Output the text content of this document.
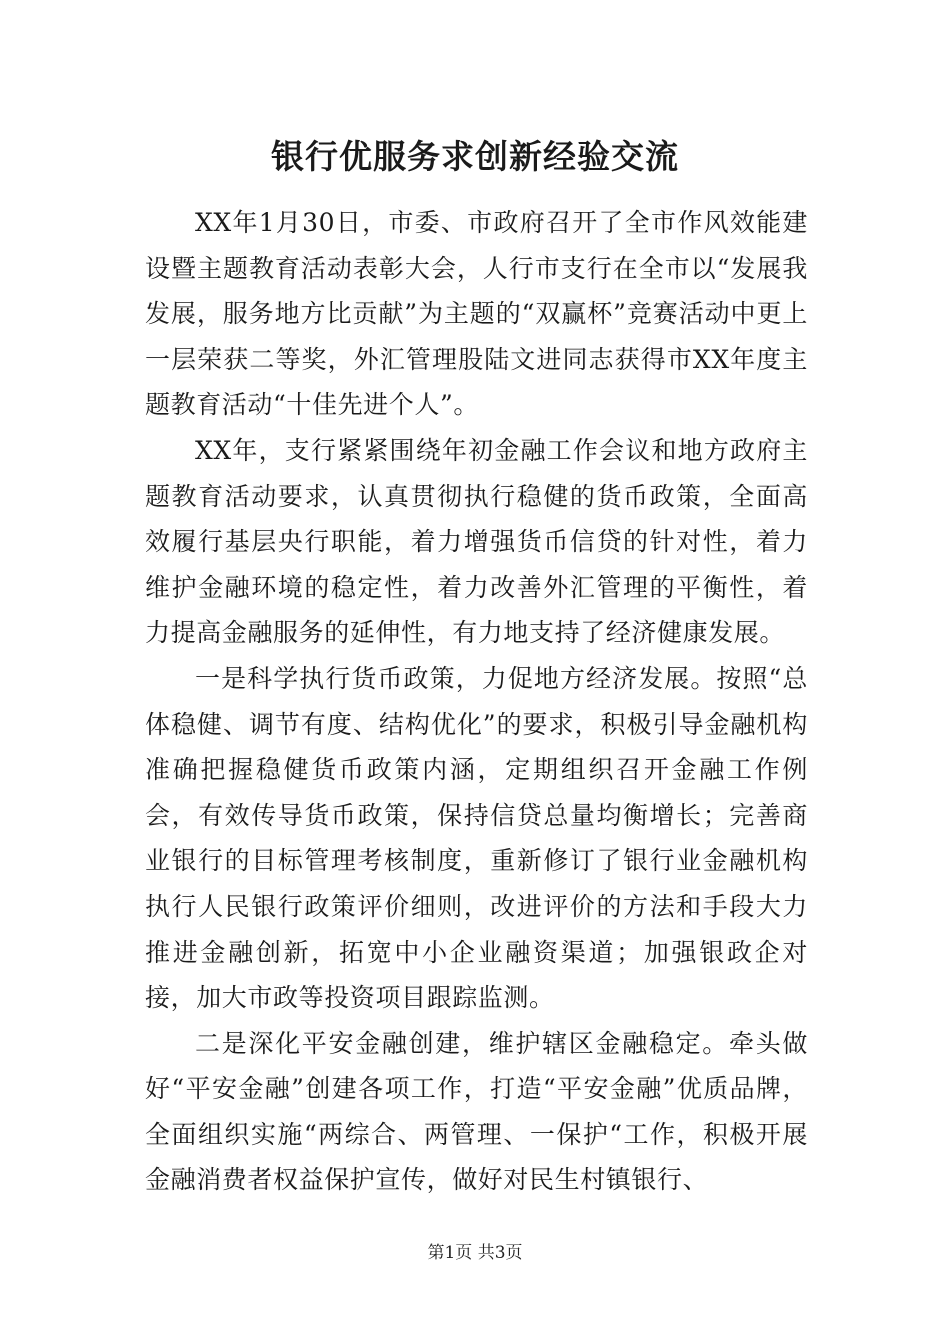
银行优服务求创新经验交流

XX年1月30日，市委、市政府召开了全市作风效能建设暨主题教育活动表彰大会，人行市支行在全市以“发展我发展，服务地方比贡献”为主题的“双赢杯”竞赛活动中更上一层荣获二等奖，外汇管理股陆文进同志获得市XX年度主题教育活动“十佳先进个人”。

XX年，支行紧紧围绕年初金融工作会议和地方政府主题教育活动要求，认真贯彻执行稳健的货币政策，全面高效履行基层央行职能，着力增强货币信贷的针对性，着力维护金融环境的稳定性，着力改善外汇管理的平衡性，着力提高金融服务的延伸性，有力地支持了经济健康发展。

一是科学执行货币政策，力促地方经济发展。按照“总体稳健、调节有度、结构优化”的要求，积极引导金融机构准确把握稳健货币政策内涵，定期组织召开金融工作例会，有效传导货币政策，保持信贷总量均衡增长；完善商业银行的目标管理考核制度，重新修订了银行业金融机构执行人民银行政策评价细则，改进评价的方法和手段大力推进金融创新，拓宽中小企业融资渠道；加强银政企对接，加大市政等投资项目跟踪监测。

二是深化平安金融创建，维护辖区金融稳定。牵头做好“平安金融”创建各项工作，打造“平安金融”优质品牌，全面组织实施“两综合、两管理、一保护“工作，积极开展金融消费者权益保护宣传，做好对民生村镇银行、

第1页 共3页
